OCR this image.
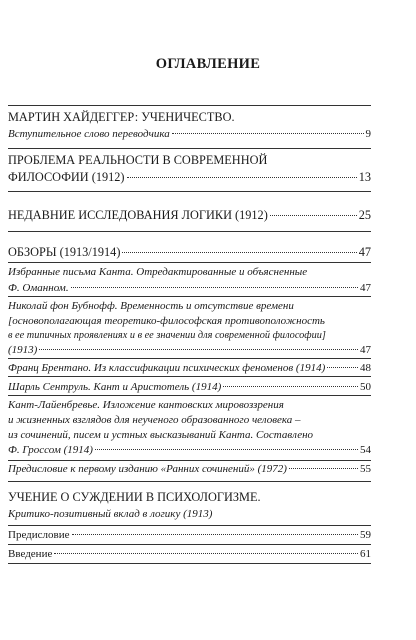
ОГЛАВЛЕНИЕ
МАРТИН ХАЙДЕГГЕР: УЧЕНИЧЕСТВО.
Вступительное слово переводчика	9
ПРОБЛЕМА РЕАЛЬНОСТИ В СОВРЕМЕННОЙ
ФИЛОСОФИИ (1912)	13
НЕДАВНИЕ ИССЛЕДОВАНИЯ ЛОГИКИ (1912)	25
ОБЗОРЫ (1913/1914)	47
Избранные письма Канта. Отредактированные и объясненные
Ф. Оманном.	47
Николай фон Бубнофф. Временность и отсутствие времени
[основополагающая теоретико-философская противоположность
в ее типичных проявлениях и в ее значении для современной философии]
(1913)	47
Франц Брентано. Из классификации психических феноменов (1914)	48
Шарль Сентруль. Кант и Аристотель (1914)	50
Кант-Лайенбревье. Изложение кантовских мировоззрения
и жизненных взглядов для неученого образованного человека –
из сочинений, писем и устных высказываний Канта. Составлено
Ф. Гроссом (1914)	54
Предисловие к первому изданию «Ранних сочинений» (1972)	55
УЧЕНИЕ О СУЖДЕНИИ В ПСИХОЛОГИЗМЕ.
Критико-позитивный вклад в логику (1913)
Предисловие	59
Введение	61
